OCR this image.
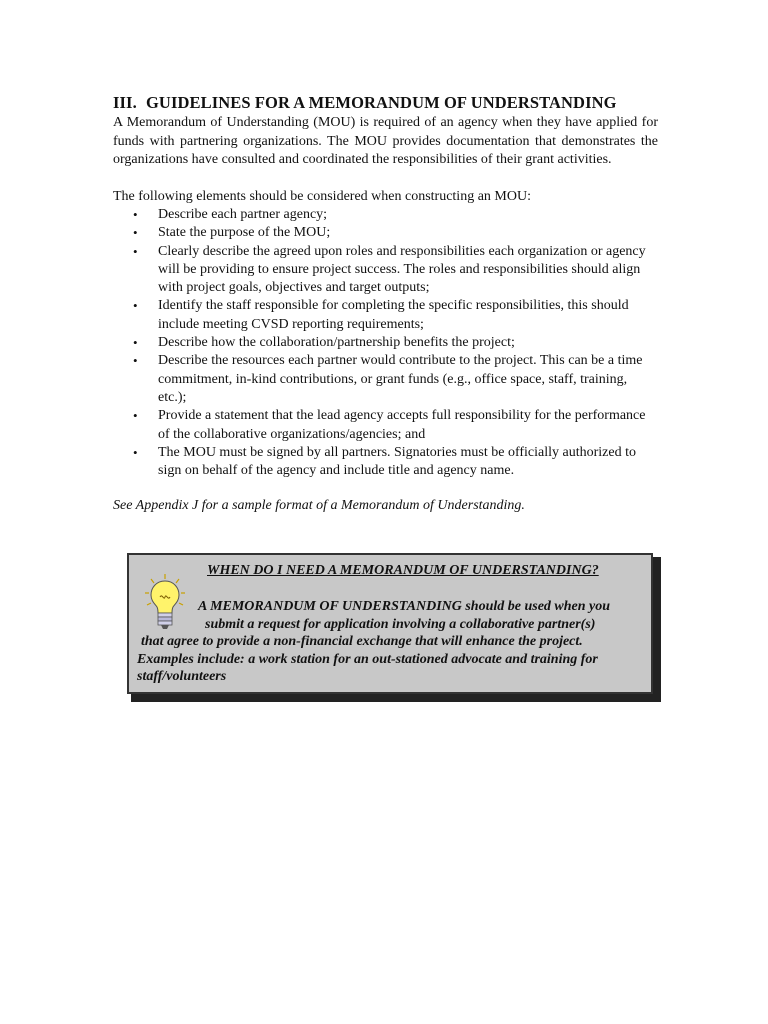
III. GUIDELINES FOR A MEMORANDUM OF UNDERSTANDING

A Memorandum of Understanding (MOU) is required of an agency when they have applied for funds with partnering organizations. The MOU provides documentation that demonstrates the organizations have consulted and coordinated the responsibilities of their grant activities.

The following elements should be considered when constructing an MOU:

• Describe each partner agency;
• State the purpose of the MOU;
• Clearly describe the agreed upon roles and responsibilities each organization or agency will be providing to ensure project success. The roles and responsibilities should align with project goals, objectives and target outputs;
• Identify the staff responsible for completing the specific responsibilities, this should include meeting CVSD reporting requirements;
• Describe how the collaboration/partnership benefits the project;
• Describe the resources each partner would contribute to the project. This can be a time commitment, in-kind contributions, or grant funds (e.g., office space, staff, training, etc.);
• Provide a statement that the lead agency accepts full responsibility for the performance of the collaborative organizations/agencies; and
• The MOU must be signed by all partners. Signatories must be officially authorized to sign on behalf of the agency and include title and agency name.

See Appendix J for a sample format of a Memorandum of Understanding.

WHEN DO I NEED A MEMORANDUM OF UNDERSTANDING?
A MEMORANDUM OF UNDERSTANDING should be used when you
submit a request for application involving a collaborative partner(s)
that agree to provide a non-financial exchange that will enhance the project.
Examples include: a work station for an out-stationed advocate and training for staff/volunteers
